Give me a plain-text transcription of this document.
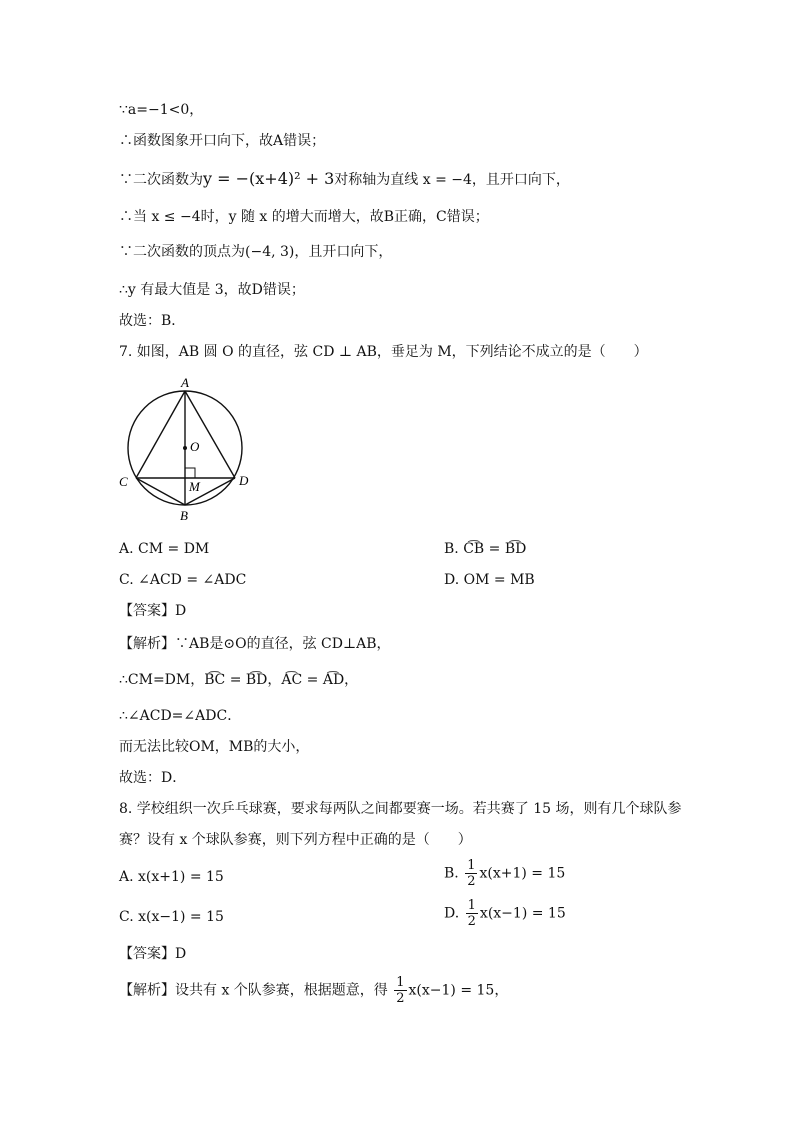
∵a=−1<0，
∴函数图象开口向下，故A错误；
∵二次函数为y = −(x+4)² + 3对称轴为直线 x = −4，且开口向下，
∴当 x ≤ −4时，y 随 x 的增大而增大，故B正确，C错误；
∵二次函数的顶点为(−4, 3)，且开口向下，
∴y 有最大值是 3，故D错误；
故选：B．
7. 如图，AB 圆 O 的直径，弦 CD ⊥ AB，垂足为 M，下列结论不成立的是（　　）
A
O
C	D
M
B
A. CM = DM	B. C͡B = B͡D
C. ∠ACD = ∠ADC	D. OM = MB
【答案】D
【解析】∵AB是⊙O的直径，弦 CD⊥AB，
∴CM=DM，B͡C = B͡D，A͡C = A͡D，
∴∠ACD=∠ADC．
而无法比较OM，MB的大小，
故选：D．
8. 学校组织一次乒乓球赛，要求每两队之间都要赛一场。若共赛了 15 场，则有几个球队参
赛？设有 x 个球队参赛，则下列方程中正确的是（　　）
A. x(x+1) = 15	B. $\frac{1}{2} x(x+1) = 15$
C. x(x−1) = 15	D. $\frac{1}{2} x(x-1) = 15$
【答案】D
【解析】设共有 x 个队参赛，根据题意，得 $\frac{1}{2} x(x-1) = 15$，
